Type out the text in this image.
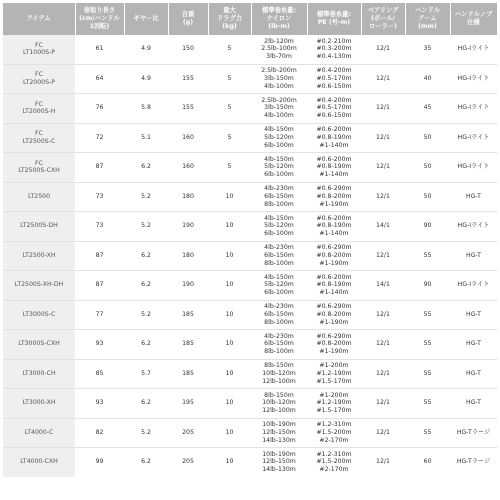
アイテム	巻取り長さ
(cm/ハンドル
1回転)	ギヤー比	自重
(g)	最大
ドラグ力
(kg)	標準巻糸量:
ナイロン
(lb-m)	標準巻糸量:
PE (号-m)	ベアリング
(ボール/
ローラー)	ハンドル
アーム
(mm)	ハンドルノブ
仕様

FC
LT1000S-P	61	4.9	150	5	2lb-120m
2.5lb-100m
3lb-70m	#0.2-210m
#0.3-200m
#0.4-130m	12/1	35	HG-Iライト

FC
LT2000S-P	64	4.9	155	5	2.5lb-200m
3lb-150m
4lb-100m	#0.4-200m
#0.5-170m
#0.6-150m	12/1	40	HG-Iライト

FC
LT2000S-H	76	5.8	155	5	2.5lb-200m
3lb-150m
4lb-100m	#0.4-200m
#0.5-170m
#0.6-150m	12/1	45	HG-Iライト

FC
LT2500S-C	72	5.1	160	5	4lb-150m
5lb-120m
6lb-100m	#0.6-200m
#0.8-190m
#1-140m	12/1	50	HG-Iライト

FC
LT2500S-CXH	87	6.2	160	5	4lb-150m
5lb-120m
6lb-100m	#0.6-200m
#0.8-190m
#1-140m	12/1	50	HG-Iライト

LT2500	73	5.2	180	10	4lb-230m
6lb-150m
8lb-100m	#0.6-290m
#0.8-200m
#1-190m	12/1	50	HG-T

LT2500S-DH	73	5.2	190	10	4lb-150m
5lb-120m
6lb-100m	#0.6-200m
#0.8-190m
#1-140m	14/1	90	HG-Iライト

LT2500-XH	87	6.2	180	10	4lb-230m
6lb-150m
8lb-100m	#0.6-290m
#0.8-200m
#1-190m	12/1	55	HG-T

LT2500S-XH-DH	87	6.2	190	10	4lb-150m
5lb-120m
6lb-100m	#0.6-200m
#0.8-190m
#1-140m	14/1	90	HG-Iライト

LT3000S-C	77	5.2	185	10	4lb-230m
6lb-150m
8lb-100m	#0.6-290m
#0.8-200m
#1-190m	12/1	55	HG-T

LT3000S-CXH	93	6.2	185	10	4lb-230m
6lb-150m
8lb-100m	#0.6-290m
#0.8-200m
#1-190m	12/1	55	HG-T

LT3000-CH	85	5.7	185	10	8lb-150m
10lb-120m
12lb-100m	#1-200m
#1.2-190m
#1.5-170m	12/1	55	HG-T

LT3000-XH	93	6.2	195	10	8lb-150m
10lb-120m
12lb-100m	#1-200m
#1.2-190m
#1.5-170m	12/1	55	HG-T

LT4000-C	82	5.2	205	10	10lb-190m
12lb-150m
14lb-130m	#1.2-310m
#1.5-200m
#2-170m	12/1	55	HG-Tラージ

LT4000-CXH	99	6.2	205	10	10lb-190m
12lb-150m
14lb-130m	#1.2-310m
#1.5-200m
#2-170m	12/1	60	HG-Tラージ
